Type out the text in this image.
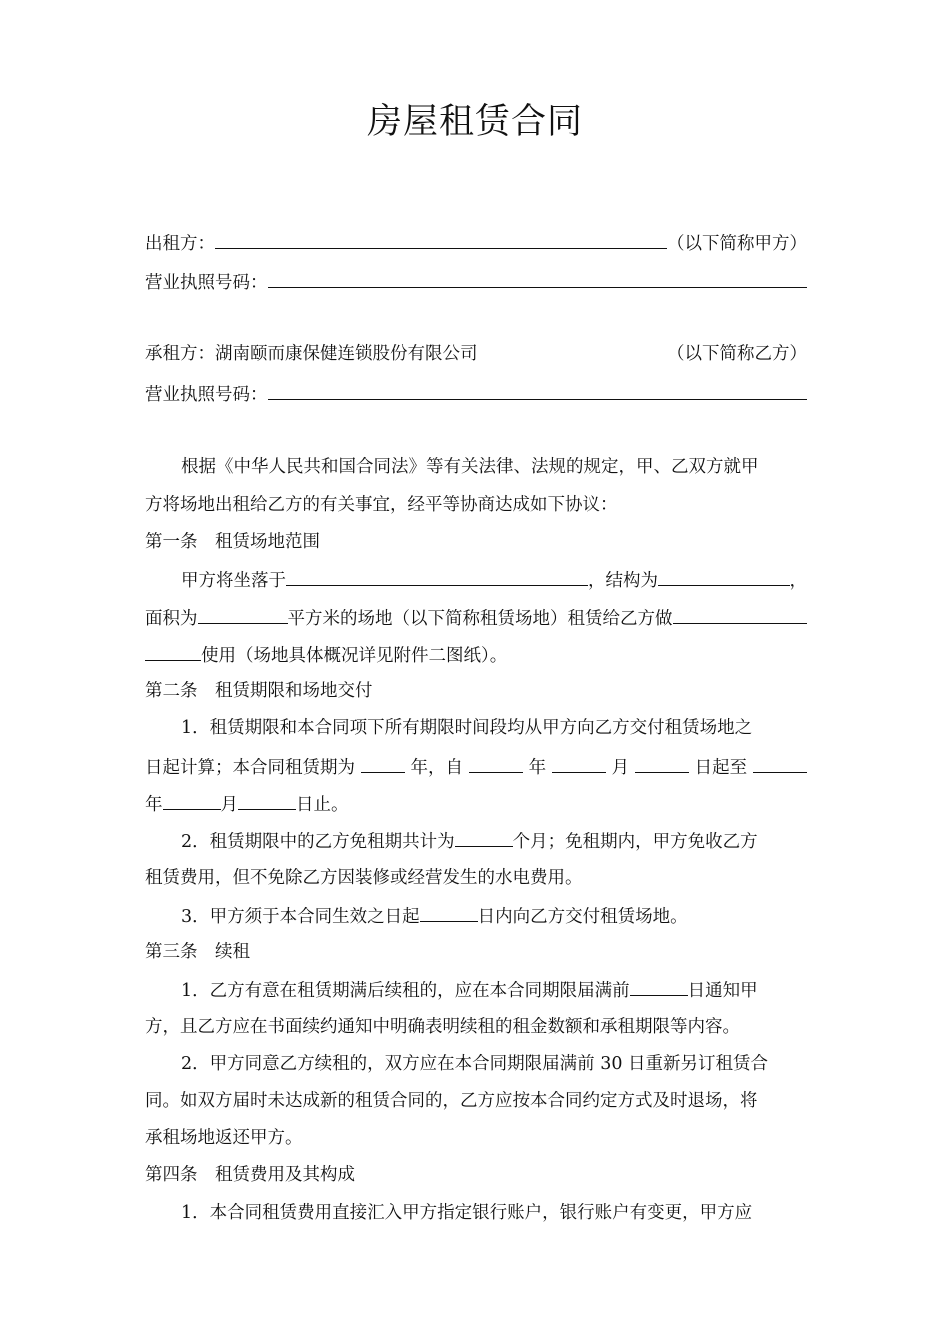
房屋租赁合同
出租方：	（以下简称甲方）
营业执照号码：
承租方： 湖南颐而康保健连锁股份有限公司	（以下简称乙方）
营业执照号码：
根据《中华人民共和国合同法》等有关法律、法规的规定，甲、乙双方就甲
方将场地出租给乙方的有关事宜，经平等协商达成如下协议：
第一条　租赁场地范围
甲方将坐落于	，结构为	，
面积为	平方米的场地（以下简称租赁场地）租赁给乙方做
使用（场地具体概况详见附件二图纸）。
第二条　租赁期限和场地交付
1．租赁期限和本合同项下所有期限时间段均从甲方向乙方交付租赁场地之
日起计算；本合同租赁期为	年，自	年	月	日起至
年	月	日止。
2．租赁期限中的乙方免租期共计为	个月；免租期内，甲方免收乙方
租赁费用，但不免除乙方因装修或经营发生的水电费用。
3．甲方须于本合同生效之日起	日内向乙方交付租赁场地。
第三条　续租
1．乙方有意在租赁期满后续租的，应在本合同期限届满前	日通知甲
方，且乙方应在书面续约通知中明确表明续租的租金数额和承租期限等内容。
2．甲方同意乙方续租的，双方应在本合同期限届满前 30 日重新另订租赁合
同。如双方届时未达成新的租赁合同的，乙方应按本合同约定方式及时退场，将
承租场地返还甲方。
第四条　租赁费用及其构成
1．本合同租赁费用直接汇入甲方指定银行账户，银行账户有变更，甲方应
